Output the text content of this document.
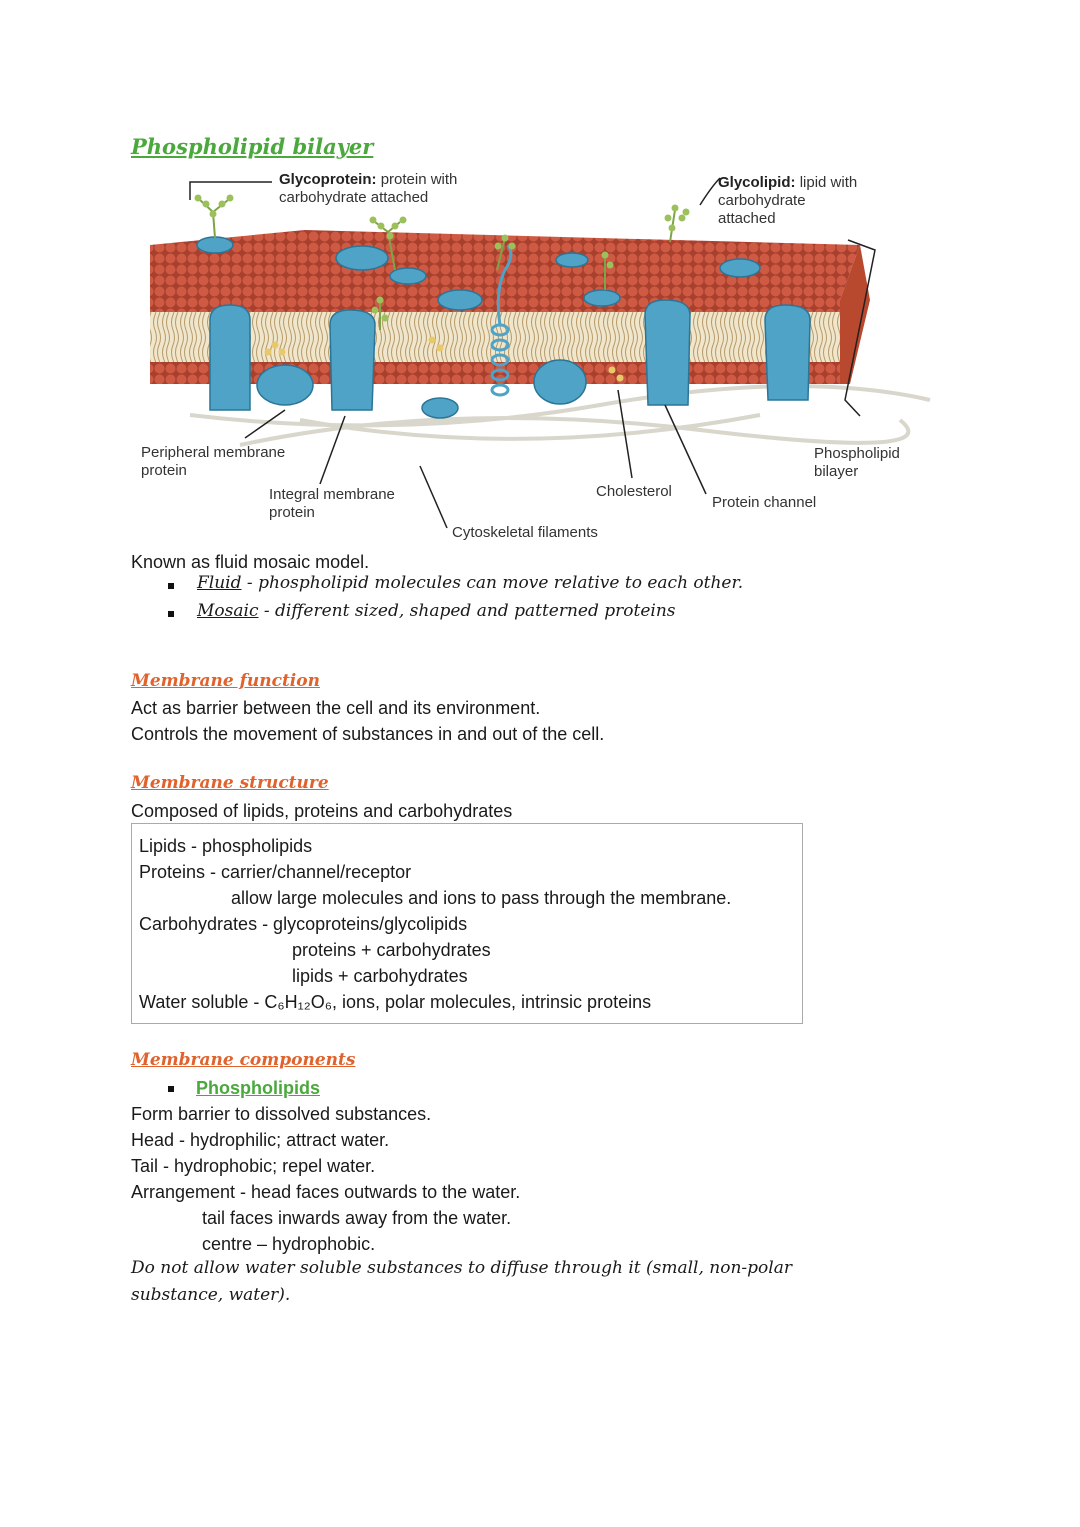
Phospholipid bilayer
Glycoprotein: protein with
carbohydrate attached
Glycolipid: lipid with
carbohydrate
attached
Peripheral membrane
protein
Integral membrane
protein
Cytoskeletal filaments
Cholesterol
Protein channel
Phospholipid
bilayer
Known as fluid mosaic model.
Fluid - phospholipid molecules can move relative to each other.
Mosaic - different sized, shaped and patterned proteins
Membrane function
Act as barrier between the cell and its environment.
Controls the movement of substances in and out of the cell.
Membrane structure
Composed of lipids, proteins and carbohydrates
Lipids - phospholipids
Proteins - carrier/channel/receptor
allow large molecules and ions to pass through the membrane.
Carbohydrates - glycoproteins/glycolipids
proteins + carbohydrates
lipids + carbohydrates
Water soluble - C₆H₁₂O₆, ions, polar molecules, intrinsic proteins
Membrane components
Phospholipids
Form barrier to dissolved substances.
Head - hydrophilic; attract water.
Tail - hydrophobic; repel water.
Arrangement - head faces outwards to the water.
tail faces inwards away from the water.
centre – hydrophobic.
Do not allow water soluble substances to diffuse through it (small, non-polar
substance, water).
